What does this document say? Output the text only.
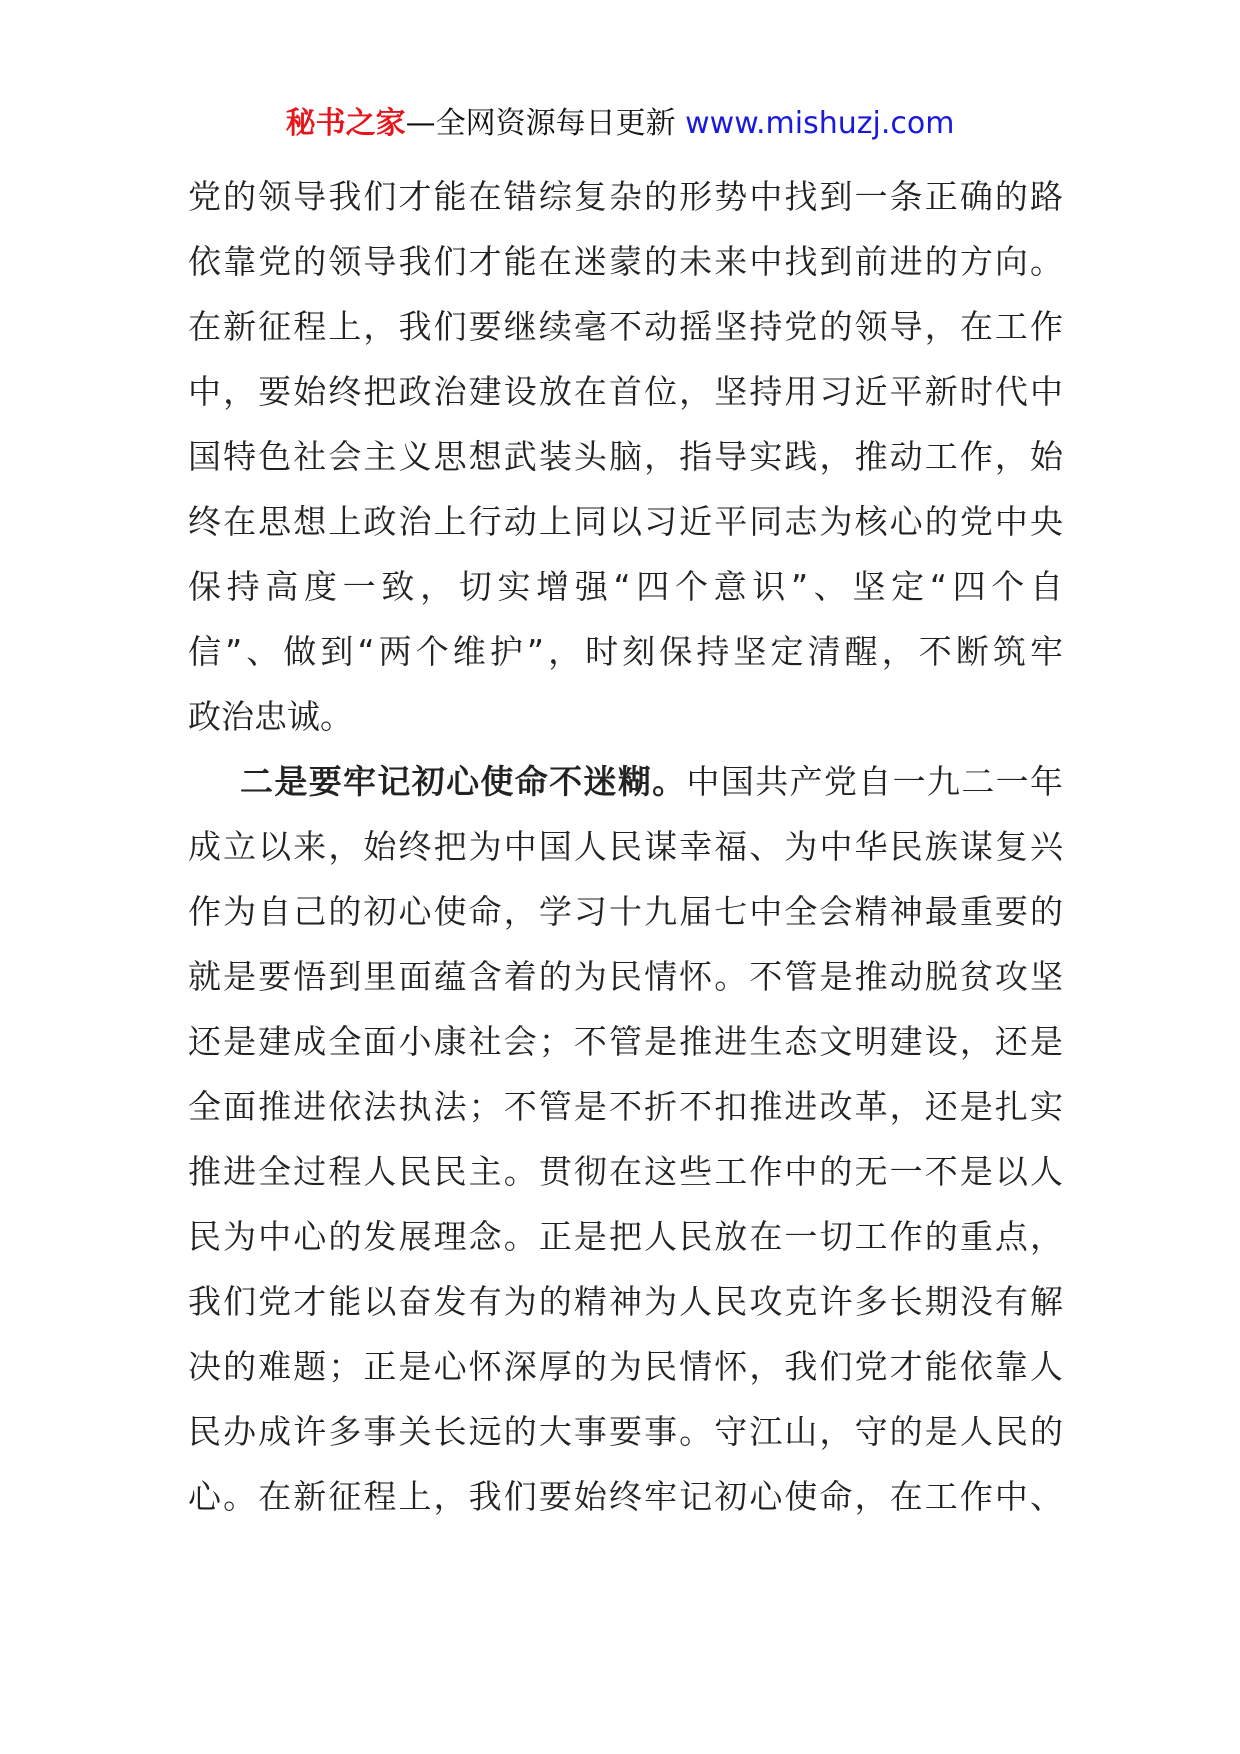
秘书之家—全网资源每日更新 www.mishuzj.com
党的领导我们才能在错综复杂的形势中找到一条正确的路
依靠党的领导我们才能在迷蒙的未来中找到前进的方向。
在新征程上，我们要继续毫不动摇坚持党的领导，在工作
中，要始终把政治建设放在首位，坚持用习近平新时代中
国特色社会主义思想武装头脑，指导实践，推动工作，始
终在思想上政治上行动上同以习近平同志为核心的党中央
保持高度一致，切实增强“四个意识”、坚定“四个自
信”、做到“两个维护”，时刻保持坚定清醒，不断筑牢
政治忠诚。
二是要牢记初心使命不迷糊。中国共产党自一九二一年
成立以来，始终把为中国人民谋幸福、为中华民族谋复兴
作为自己的初心使命，学习十九届七中全会精神最重要的
就是要悟到里面蕴含着的为民情怀。不管是推动脱贫攻坚
还是建成全面小康社会；不管是推进生态文明建设，还是
全面推进依法执法；不管是不折不扣推进改革，还是扎实
推进全过程人民民主。贯彻在这些工作中的无一不是以人
民为中心的发展理念。正是把人民放在一切工作的重点，
我们党才能以奋发有为的精神为人民攻克许多长期没有解
决的难题；正是心怀深厚的为民情怀，我们党才能依靠人
民办成许多事关长远的大事要事。守江山，守的是人民的
心。在新征程上，我们要始终牢记初心使命，在工作中、
